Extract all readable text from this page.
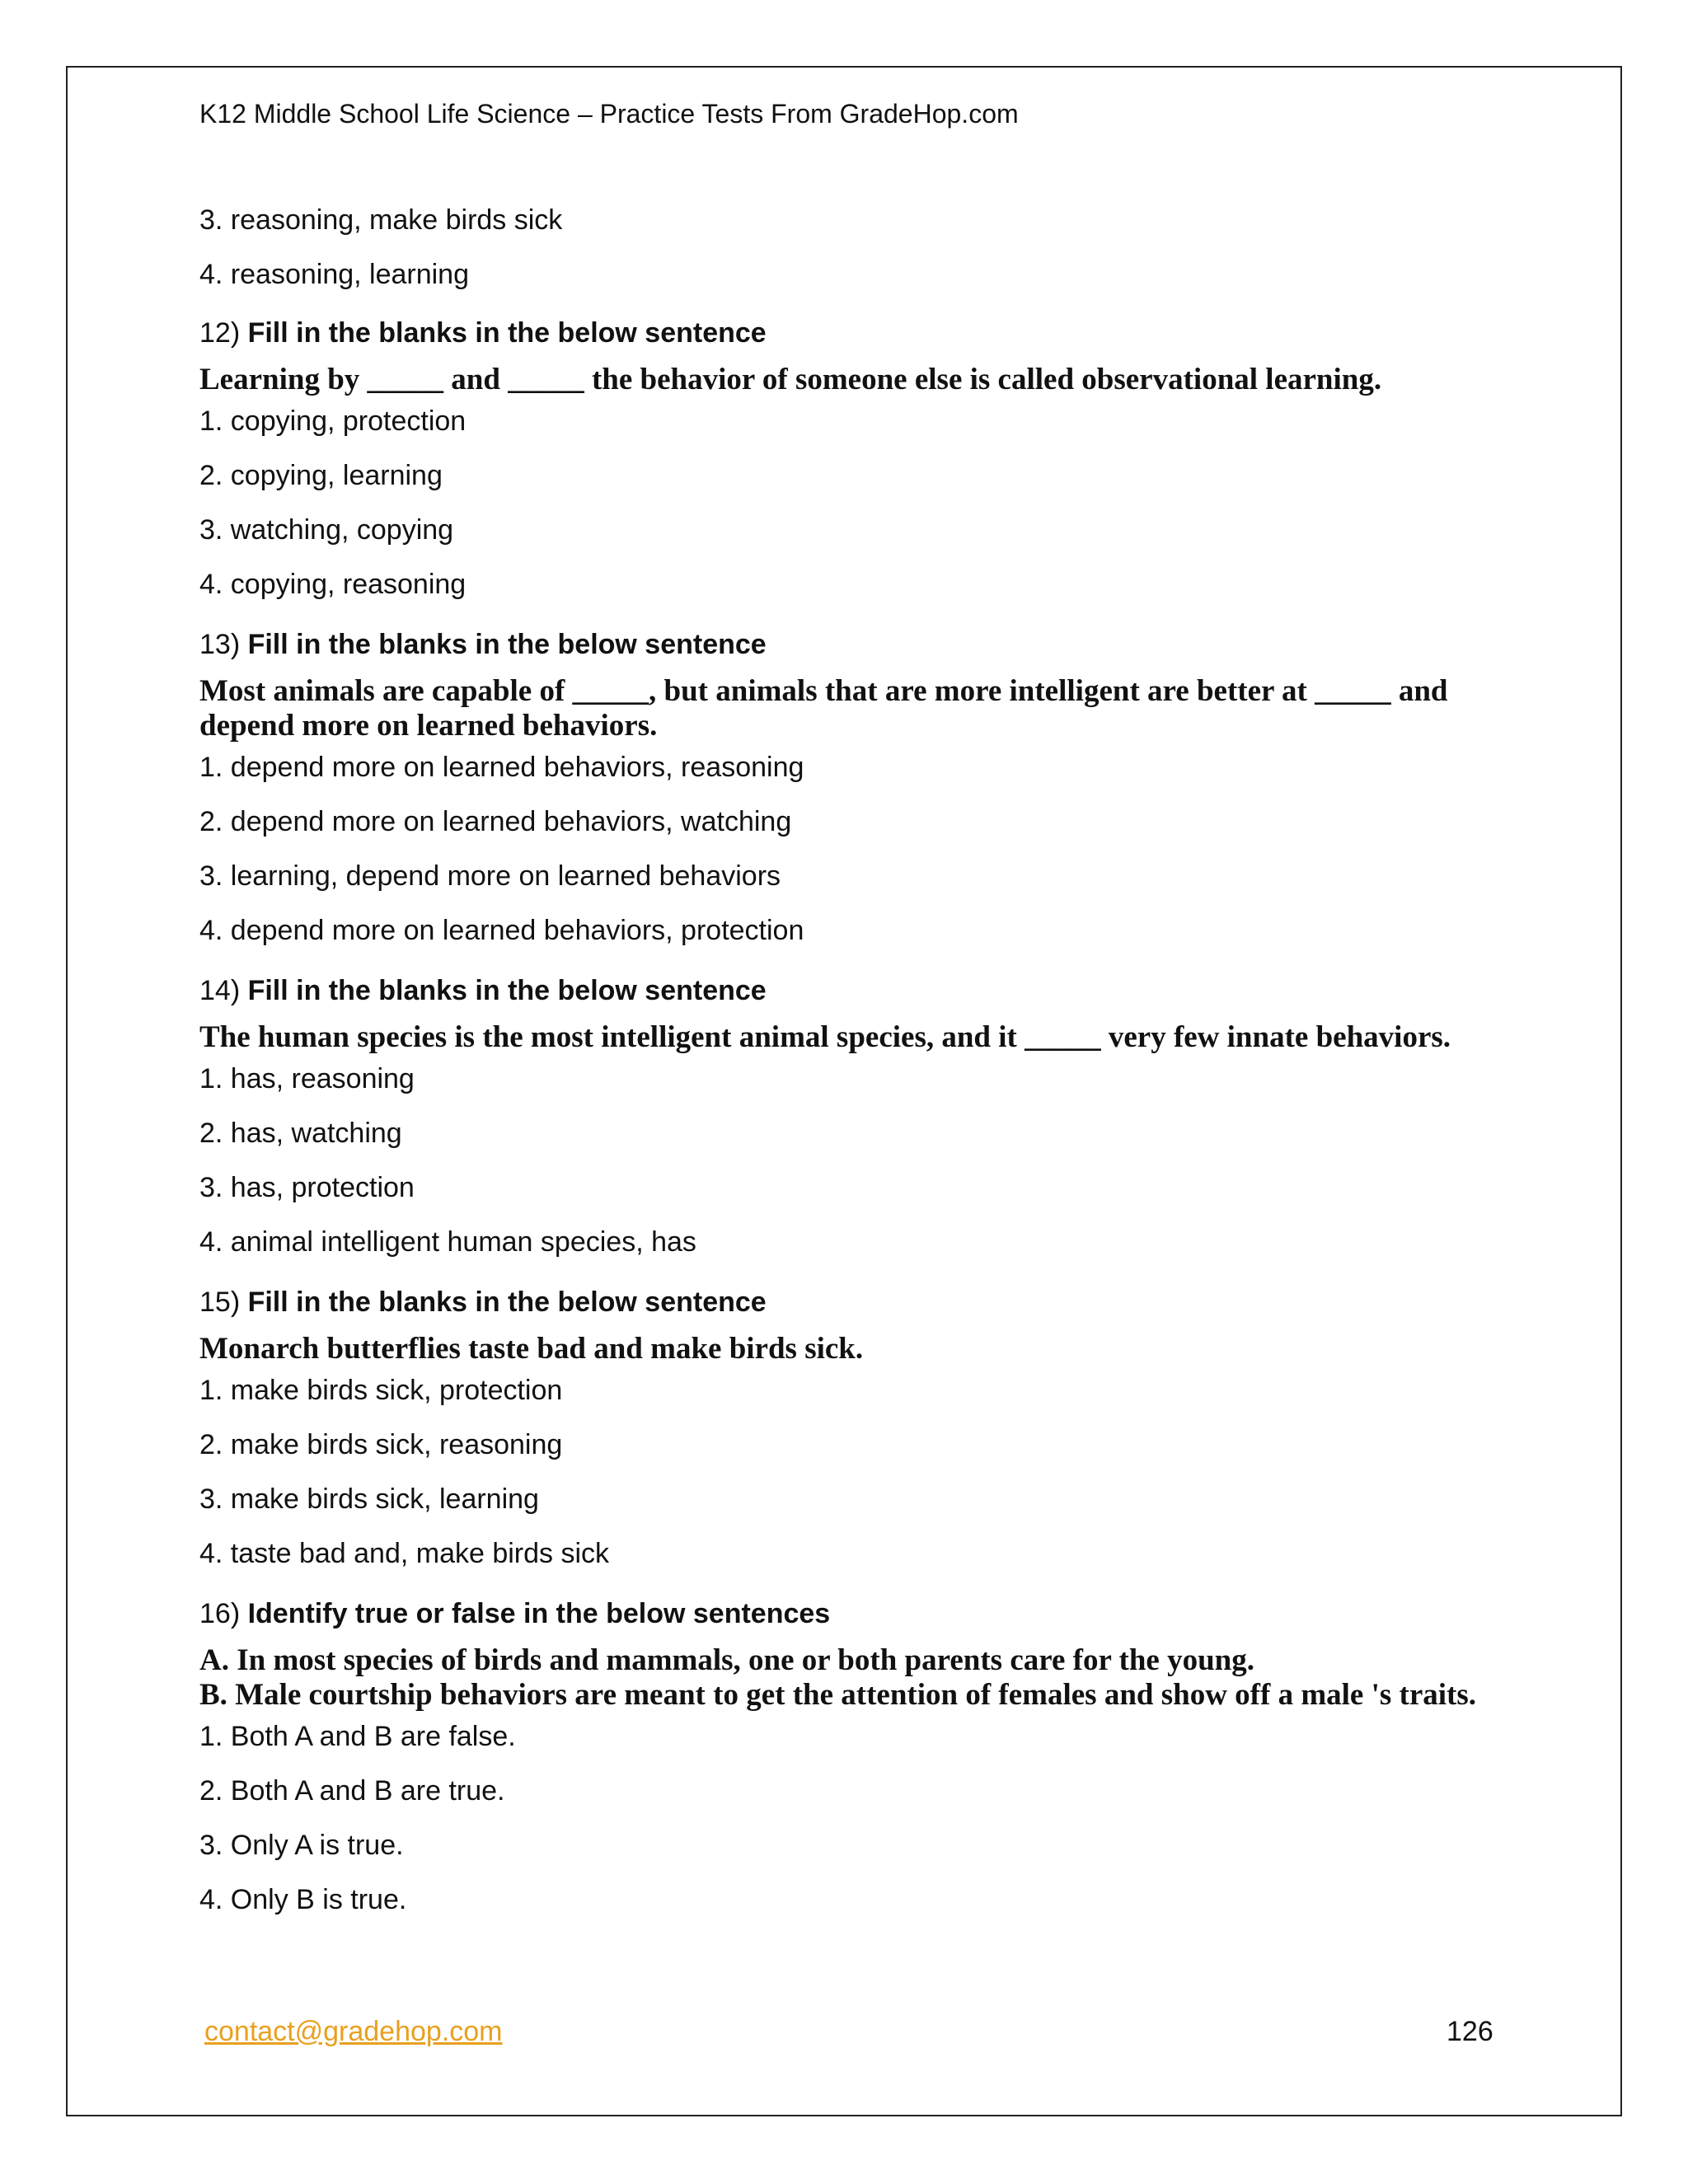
K12 Middle School Life Science – Practice Tests From GradeHop.com
3. reasoning, make birds sick
4. reasoning, learning
12) Fill in the blanks in the below sentence
Learning by _____ and _____ the behavior of someone else is called observational learning.
1. copying, protection
2. copying, learning
3. watching, copying
4. copying, reasoning
13) Fill in the blanks in the below sentence
Most animals are capable of _____, but animals that are more intelligent are better at _____ and
depend more on learned behaviors.
1. depend more on learned behaviors, reasoning
2. depend more on learned behaviors, watching
3. learning, depend more on learned behaviors
4. depend more on learned behaviors, protection
14) Fill in the blanks in the below sentence
The human species is the most intelligent animal species, and it _____ very few innate behaviors.
1. has, reasoning
2. has, watching
3. has, protection
4. animal intelligent human species, has
15) Fill in the blanks in the below sentence
Monarch butterflies taste bad and make birds sick.
1. make birds sick, protection
2. make birds sick, reasoning
3. make birds sick, learning
4. taste bad and, make birds sick
16) Identify true or false in the below sentences
A. In most species of birds and mammals, one or both parents care for the young.
B. Male courtship behaviors are meant to get the attention of females and show off a male 's traits.
1. Both A and B are false.
2. Both A and B are true.
3. Only A is true.
4. Only B is true.
contact@gradehop.com	126
